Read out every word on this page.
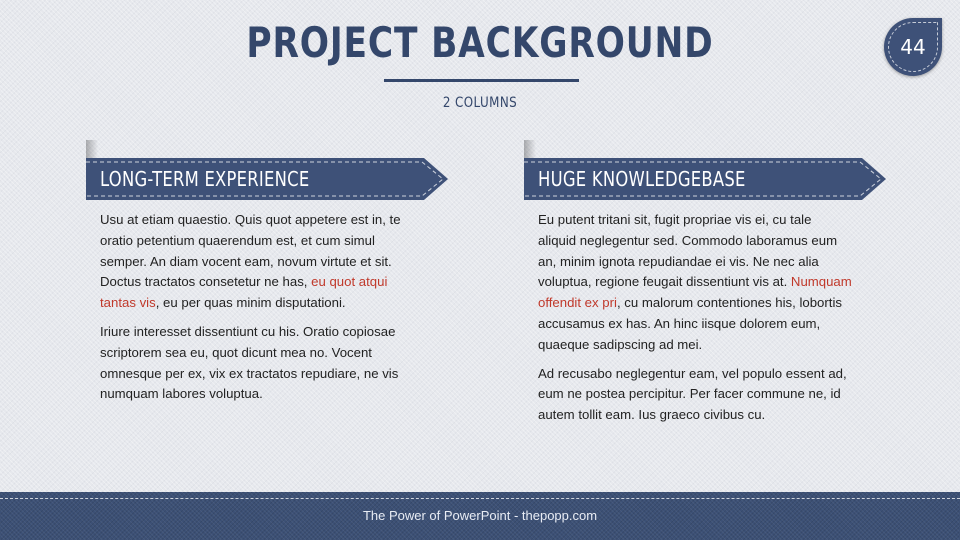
PROJECT BACKGROUND
2 COLUMNS
44
LONG-TERM EXPERIENCE

Usu at etiam quaestio. Quis quot appetere est in, te oratio petentium quaerendum est, et cum simul semper. An diam vocent eam, novum virtute et sit. Doctus tractatos consetetur ne has, eu quot atqui tantas vis, eu per quas minim disputationi.

Iriure interesset dissentiunt cu his. Oratio copiosae scriptorem sea eu, quot dicunt mea no. Vocent omnesque per ex, vix ex tractatos repudiare, ne vis numquam labores voluptua.

HUGE KNOWLEDGEBASE

Eu putent tritani sit, fugit propriae vis ei, cu tale aliquid neglegentur sed. Commodo laboramus eum an, minim ignota repudiandae ei vis. Ne nec alia voluptua, regione feugait dissentiunt vis at. Numquam offendit ex pri, cu malorum contentiones his, lobortis accusamus ex has. An hinc iisque dolorem eum, quaeque sadipscing ad mei.

Ad recusabo neglegentur eam, vel populo essent ad, eum ne postea percipitur. Per facer commune ne, id autem tollit eam. Ius graeco civibus cu.

The Power of PowerPoint - thepopp.com
